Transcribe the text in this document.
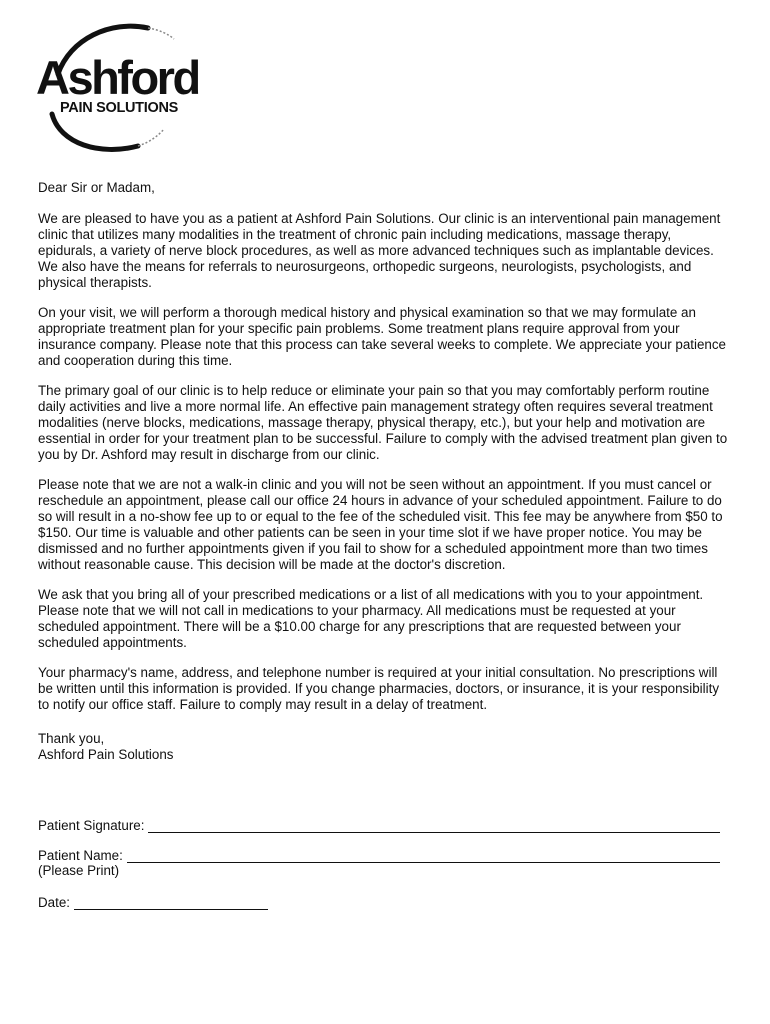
Ashford
PAIN SOLUTIONS

Dear Sir or Madam,

We are pleased to have you as a patient at Ashford Pain Solutions. Our clinic is an interventional pain management clinic that utilizes many modalities in the treatment of chronic pain including medications, massage therapy, epidurals, a variety of nerve block procedures, as well as more advanced techniques such as implantable devices. We also have the means for referrals to neurosurgeons, orthopedic surgeons, neurologists, psychologists, and physical therapists.

On your visit, we will perform a thorough medical history and physical examination so that we may formulate an appropriate treatment plan for your specific pain problems. Some treatment plans require approval from your insurance company. Please note that this process can take several weeks to complete. We appreciate your patience and cooperation during this time.

The primary goal of our clinic is to help reduce or eliminate your pain so that you may comfortably perform routine daily activities and live a more normal life. An effective pain management strategy often requires several treatment modalities (nerve blocks, medications, massage therapy, physical therapy, etc.), but your help and motivation are essential in order for your treatment plan to be successful. Failure to comply with the advised treatment plan given to you by Dr. Ashford may result in discharge from our clinic.

Please note that we are not a walk-in clinic and you will not be seen without an appointment. If you must cancel or reschedule an appointment, please call our office 24 hours in advance of your scheduled appointment. Failure to do so will result in a no-show fee up to or equal to the fee of the scheduled visit. This fee may be anywhere from $50 to $150. Our time is valuable and other patients can be seen in your time slot if we have proper notice. You may be dismissed and no further appointments given if you fail to show for a scheduled appointment more than two times without reasonable cause. This decision will be made at the doctor's discretion.

We ask that you bring all of your prescribed medications or a list of all medications with you to your appointment. Please note that we will not call in medications to your pharmacy. All medications must be requested at your scheduled appointment. There will be a $10.00 charge for any prescriptions that are requested between your scheduled appointments.

Your pharmacy's name, address, and telephone number is required at your initial consultation. No prescriptions will be written until this information is provided. If you change pharmacies, doctors, or insurance, it is your responsibility to notify our office staff. Failure to comply may result in a delay of treatment.

Thank you,
Ashford Pain Solutions
Patient Signature:
Patient Name:
(Please Print)
Date:
